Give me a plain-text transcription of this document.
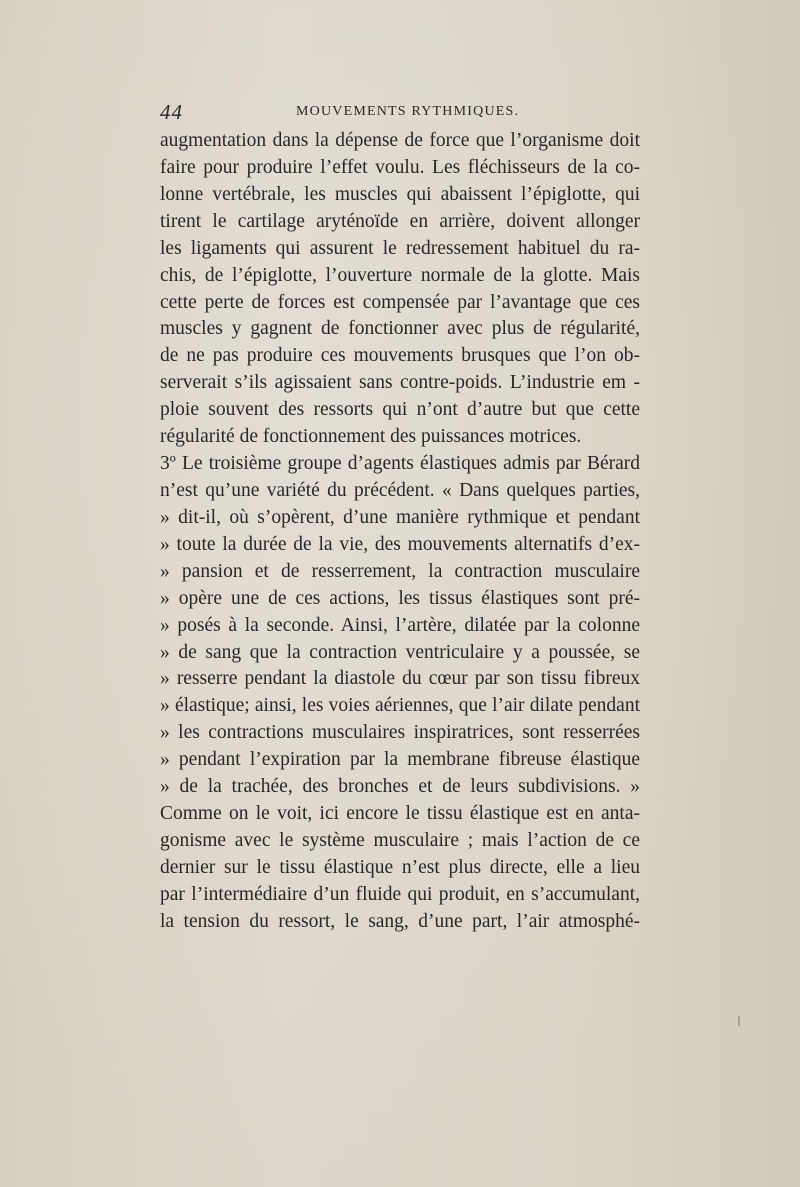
44	MOUVEMENTS RYTHMIQUES.
augmentation dans la dépense de force que l’organisme doit
faire pour produire l’effet voulu. Les fléchisseurs de la co-
lonne vertébrale, les muscles qui abaissent l’épiglotte, qui
tirent le cartilage aryténoïde en arrière, doivent allonger
les ligaments qui assurent le redressement habituel du ra-
chis, de l’épiglotte, l’ouverture normale de la glotte. Mais
cette perte de forces est compensée par l’avantage que ces
muscles y gagnent de fonctionner avec plus de régularité,
de ne pas produire ces mouvements brusques que l’on ob-
serverait s’ils agissaient sans contre-poids. L’industrie em -
ploie souvent des ressorts qui n’ont d’autre but que cette
régularité de fonctionnement des puissances motrices.
3º Le troisième groupe d’agents élastiques admis par Bérard
n’est qu’une variété du précédent. « Dans quelques parties,
» dit-il, où s’opèrent, d’une manière rythmique et pendant
» toute la durée de la vie, des mouvements alternatifs d’ex-
» pansion et de resserrement, la contraction musculaire
» opère une de ces actions, les tissus élastiques sont pré-
» posés à la seconde. Ainsi, l’artère, dilatée par la colonne
» de sang que la contraction ventriculaire y a poussée, se
» resserre pendant la diastole du cœur par son tissu fibreux
» élastique; ainsi, les voies aériennes, que l’air dilate pendant
» les contractions musculaires inspiratrices, sont resserrées
» pendant l’expiration par la membrane fibreuse élastique
» de la trachée, des bronches et de leurs subdivisions. »
Comme on le voit, ici encore le tissu élastique est en anta-
gonisme avec le système musculaire ; mais l’action de ce
dernier sur le tissu élastique n’est plus directe, elle a lieu
par l’intermédiaire d’un fluide qui produit, en s’accumulant,
la tension du ressort, le sang, d’une part, l’air atmosphé-
